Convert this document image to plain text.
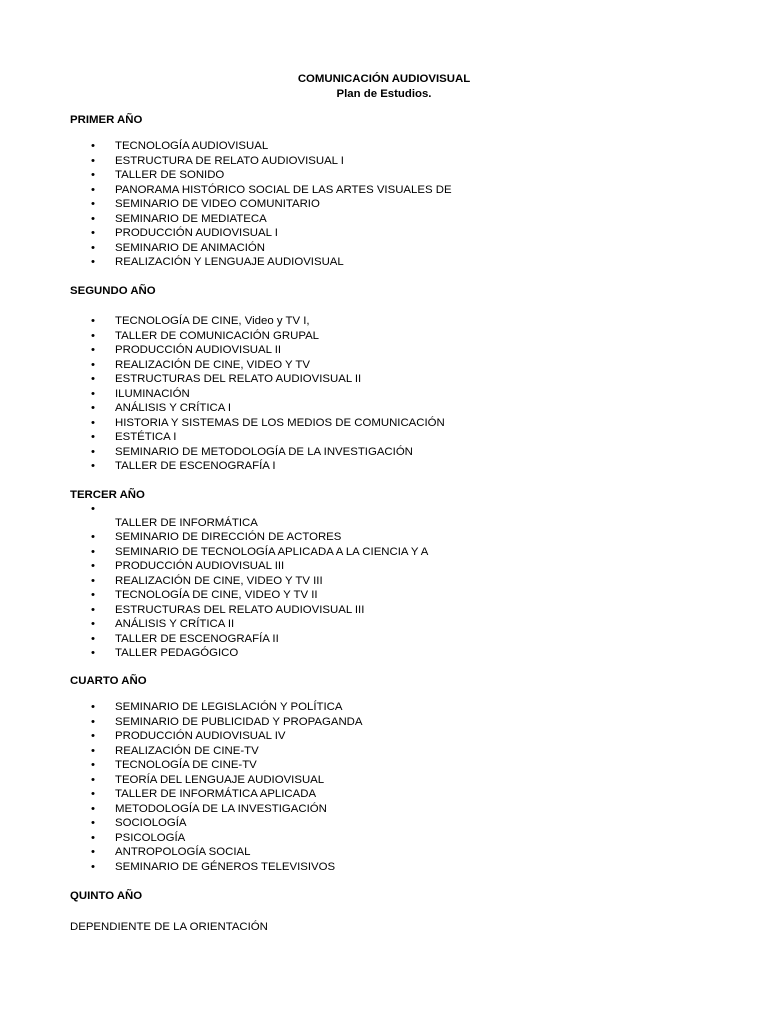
COMUNICACIÓN AUDIOVISUAL
Plan de Estudios.
PRIMER AÑO
• TECNOLOGÍA AUDIOVISUAL
• ESTRUCTURA DE RELATO AUDIOVISUAL I
• TALLER DE SONIDO
• PANORAMA HISTÓRICO SOCIAL DE LAS ARTES VISUALES DE
• SEMINARIO DE VIDEO COMUNITARIO
• SEMINARIO DE MEDIATECA
• PRODUCCIÓN AUDIOVISUAL I
• SEMINARIO DE ANIMACIÓN
• REALIZACIÓN Y LENGUAJE AUDIOVISUAL
SEGUNDO AÑO
• TECNOLOGÍA DE CINE, Video y TV I,
• TALLER DE COMUNICACIÓN GRUPAL
• PRODUCCIÓN AUDIOVISUAL II
• REALIZACIÓN DE CINE, VIDEO Y TV
• ESTRUCTURAS DEL RELATO AUDIOVISUAL II
• ILUMINACIÓN
• ANÁLISIS Y CRÍTICA I
• HISTORIA Y SISTEMAS DE LOS MEDIOS DE COMUNICACIÓN
• ESTÉTICA I
• SEMINARIO DE METODOLOGÍA DE LA INVESTIGACIÓN
• TALLER DE ESCENOGRAFÍA I
TERCER AÑO
•
TALLER DE INFORMÁTICA
• SEMINARIO DE DIRECCIÓN DE ACTORES
• SEMINARIO DE TECNOLOGÍA APLICADA A LA CIENCIA Y A
• PRODUCCIÓN AUDIOVISUAL III
• REALIZACIÓN DE CINE, VIDEO Y TV III
• TECNOLOGÍA DE CINE, VIDEO Y TV II
• ESTRUCTURAS DEL RELATO AUDIOVISUAL III
• ANÁLISIS Y CRÍTICA II
• TALLER DE ESCENOGRAFÍA II
• TALLER PEDAGÓGICO
CUARTO AÑO
• SEMINARIO DE LEGISLACIÓN Y POLÍTICA
• SEMINARIO DE PUBLICIDAD Y PROPAGANDA
• PRODUCCIÓN AUDIOVISUAL IV
• REALIZACIÓN DE CINE-TV
• TECNOLOGÍA DE CINE-TV
• TEORÍA DEL LENGUAJE AUDIOVISUAL
• TALLER DE INFORMÁTICA APLICADA
• METODOLOGÍA DE LA INVESTIGACIÓN
• SOCIOLOGÍA
• PSICOLOGÍA
• ANTROPOLOGÍA SOCIAL
• SEMINARIO DE GÉNEROS TELEVISIVOS
QUINTO AÑO
DEPENDIENTE DE LA ORIENTACIÓN
